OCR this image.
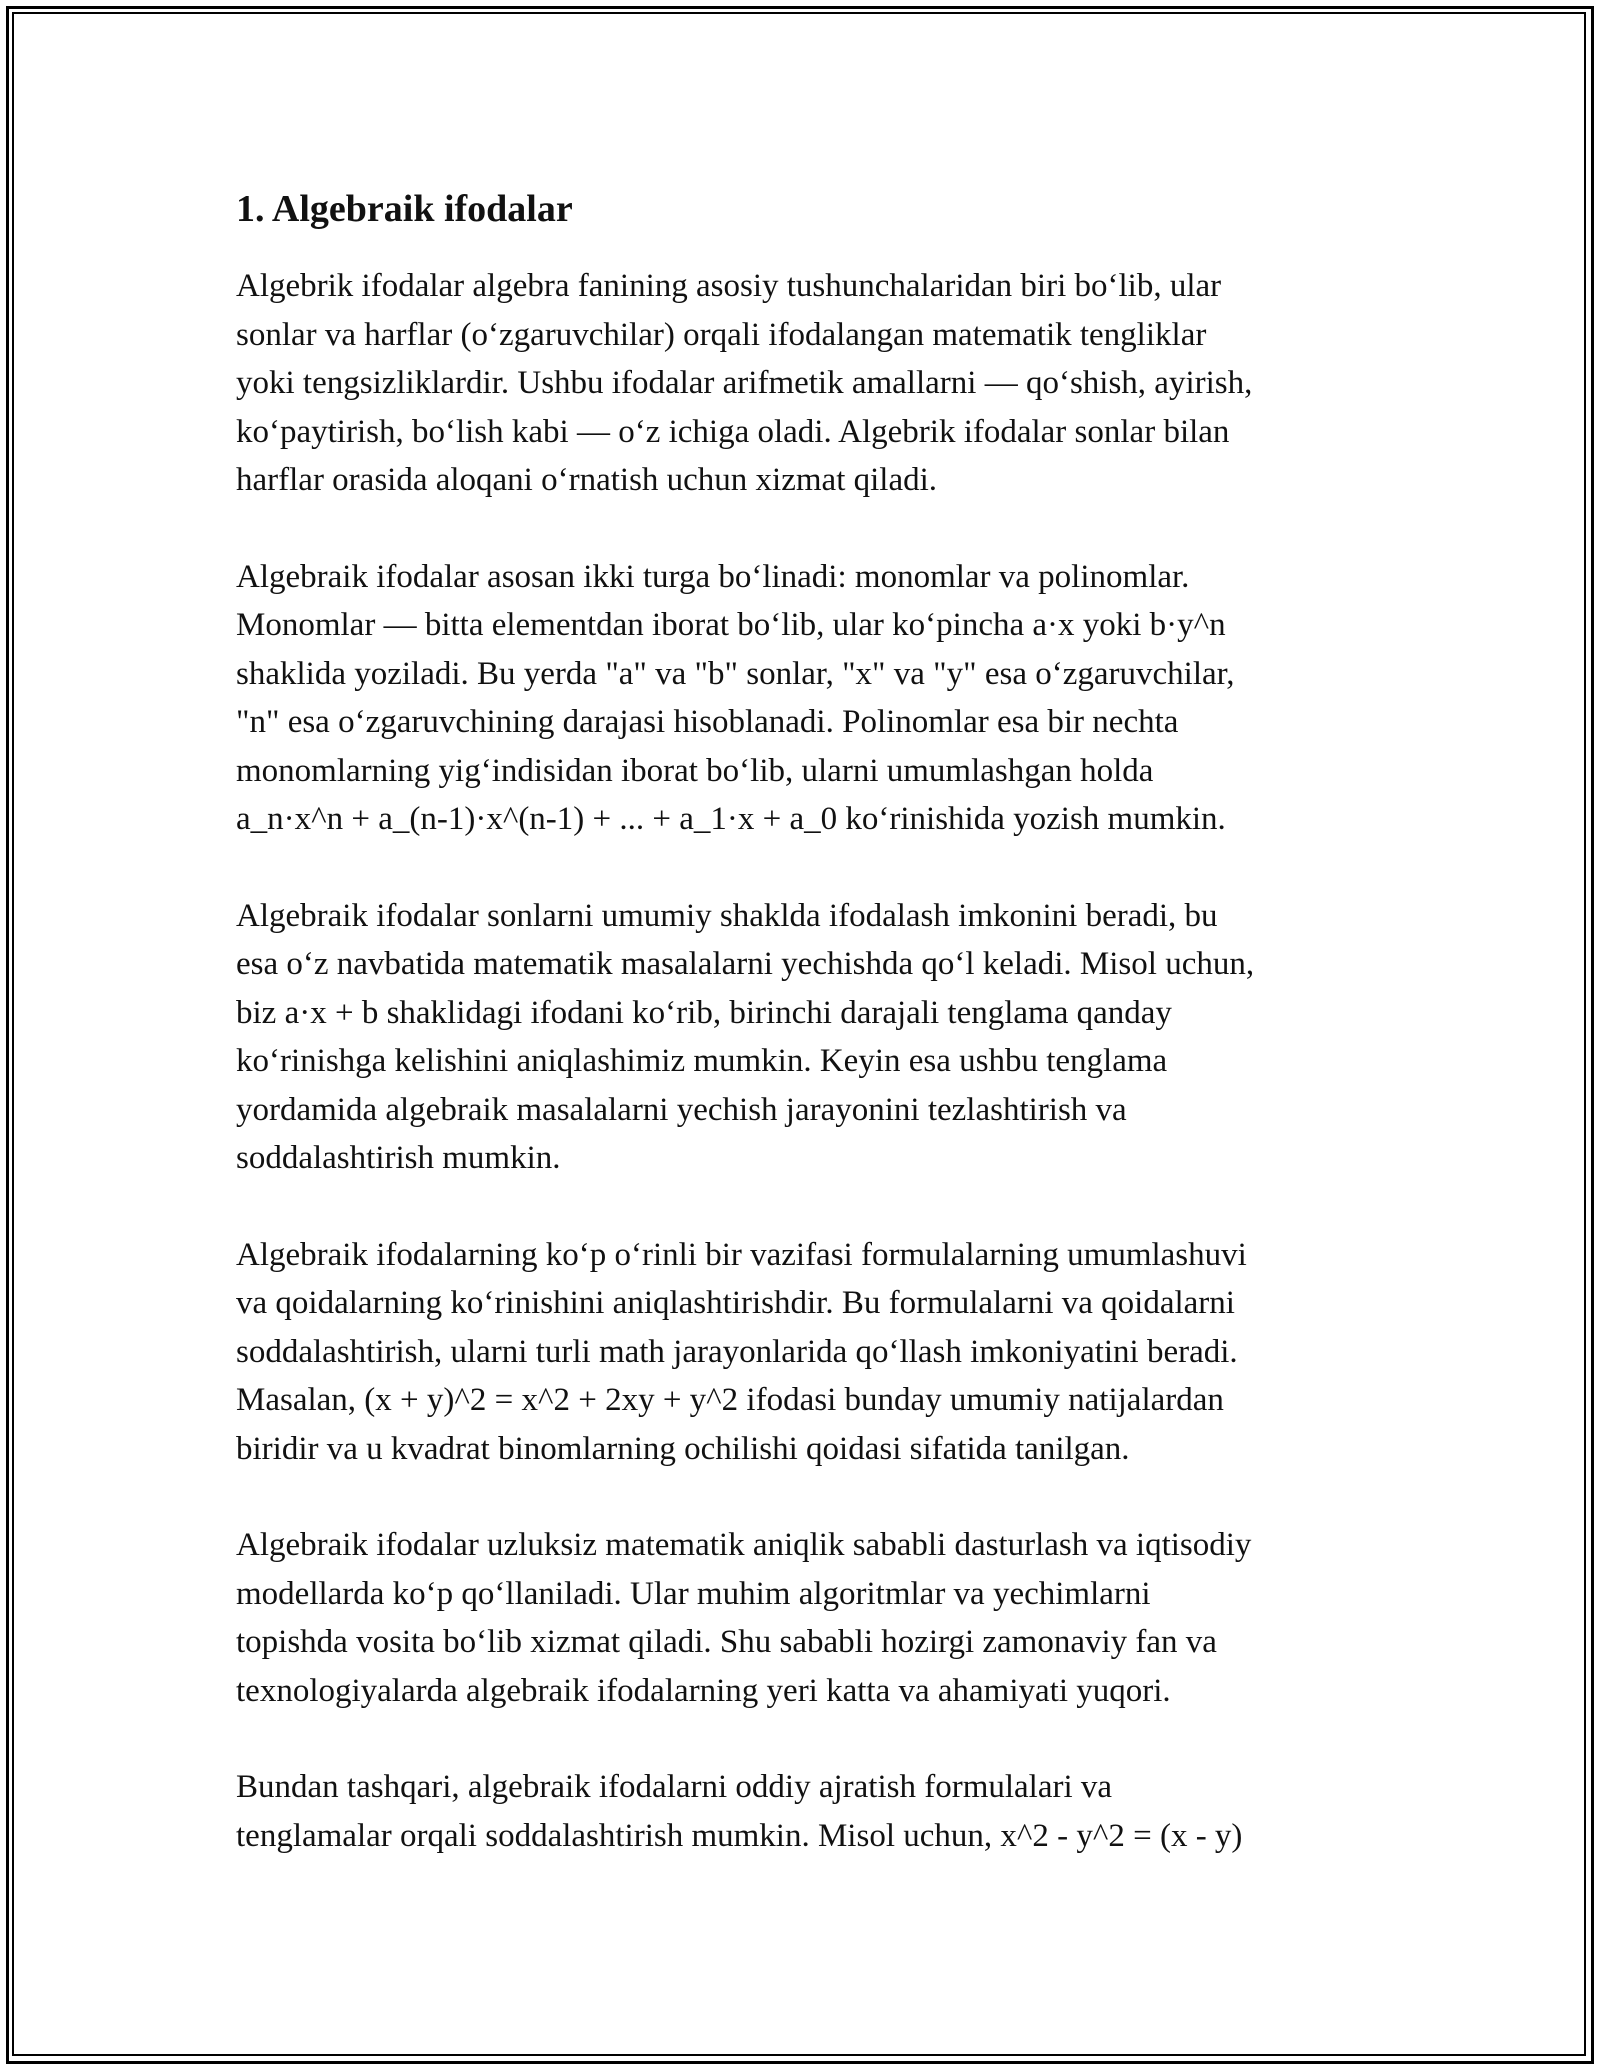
1. Algebraik ifodalar

Algebrik ifodalar algebra fanining asosiy tushunchalaridan biri bo‘lib, ular
sonlar va harflar (o‘zgaruvchilar) orqali ifodalangan matematik tengliklar
yoki tengsizliklardir. Ushbu ifodalar arifmetik amallarni — qo‘shish, ayirish,
ko‘paytirish, bo‘lish kabi — o‘z ichiga oladi. Algebrik ifodalar sonlar bilan
harflar orasida aloqani o‘rnatish uchun xizmat qiladi.

Algebraik ifodalar asosan ikki turga bo‘linadi: monomlar va polinomlar.
Monomlar — bitta elementdan iborat bo‘lib, ular ko‘pincha a·x yoki b·y^n
shaklida yoziladi. Bu yerda "a" va "b" sonlar, "x" va "y" esa o‘zgaruvchilar,
"n" esa o‘zgaruvchining darajasi hisoblanadi. Polinomlar esa bir nechta
monomlarning yig‘indisidan iborat bo‘lib, ularni umumlashgan holda
a_n·x^n + a_(n-1)·x^(n-1) + ... + a_1·x + a_0 ko‘rinishida yozish mumkin.

Algebraik ifodalar sonlarni umumiy shaklda ifodalash imkonini beradi, bu
esa o‘z navbatida matematik masalalarni yechishda qo‘l keladi. Misol uchun,
biz a·x + b shaklidagi ifodani ko‘rib, birinchi darajali tenglama qanday
ko‘rinishga kelishini aniqlashimiz mumkin. Keyin esa ushbu tenglama
yordamida algebraik masalalarni yechish jarayonini tezlashtirish va
soddalashtirish mumkin.

Algebraik ifodalarning ko‘p o‘rinli bir vazifasi formulalarning umumlashuvi
va qoidalarning ko‘rinishini aniqlashtirishdir. Bu formulalarni va qoidalarni
soddalashtirish, ularni turli math jarayonlarida qo‘llash imkoniyatini beradi.
Masalan, (x + y)^2 = x^2 + 2xy + y^2 ifodasi bunday umumiy natijalardan
biridir va u kvadrat binomlarning ochilishi qoidasi sifatida tanilgan.

Algebraik ifodalar uzluksiz matematik aniqlik sababli dasturlash va iqtisodiy
modellarda ko‘p qo‘llaniladi. Ular muhim algoritmlar va yechimlarni
topishda vosita bo‘lib xizmat qiladi. Shu sababli hozirgi zamonaviy fan va
texnologiyalarda algebraik ifodalarning yeri katta va ahamiyati yuqori.

Bundan tashqari, algebraik ifodalarni oddiy ajratish formulalari va
tenglamalar orqali soddalashtirish mumkin. Misol uchun, x^2 - y^2 = (x - y)
